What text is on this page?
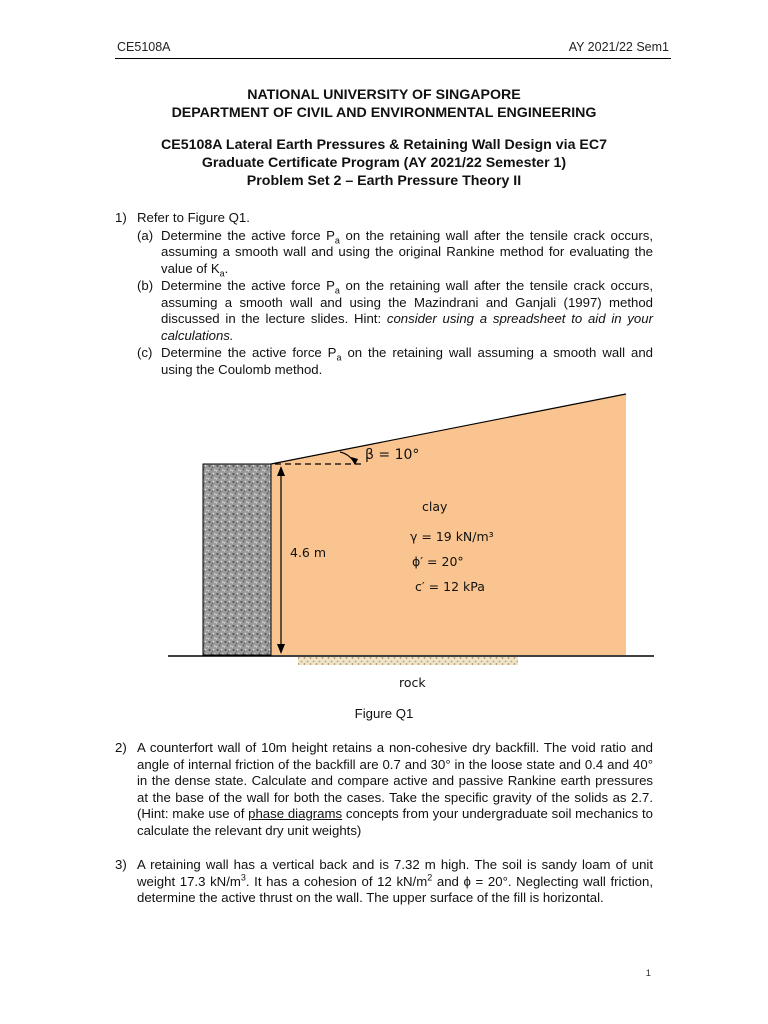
CE5108A	AY 2021/22 Sem1
NATIONAL UNIVERSITY OF SINGAPORE
DEPARTMENT OF CIVIL AND ENVIRONMENTAL ENGINEERING
CE5108A Lateral Earth Pressures & Retaining Wall Design via EC7
Graduate Certificate Program (AY 2021/22 Semester 1)
Problem Set 2 – Earth Pressure Theory II
1) Refer to Figure Q1.
(a) Determine the active force $P_a$ on the retaining wall after the tensile crack occurs, assuming a smooth wall and using the original Rankine method for evaluating the value of $K_a$.
(b) Determine the active force $P_a$ on the retaining wall after the tensile crack occurs, assuming a smooth wall and using the Mazindrani and Ganjali (1997) method discussed in the lecture slides. Hint: consider using a spreadsheet to aid in your calculations.
(c) Determine the active force $P_a$ on the retaining wall assuming a smooth wall and using the Coulomb method.
β = 10°
4.6 m
clay
γ = 19 kN/m³
ϕ′ = 20°
c′ = 12 kPa
rock
Figure Q1
2) A counterfort wall of 10m height retains a non-cohesive dry backfill. The void ratio and angle of internal friction of the backfill are 0.7 and 30° in the loose state and 0.4 and 40° in the dense state. Calculate and compare active and passive Rankine earth pressures at the base of the wall for both the cases. Take the specific gravity of the solids as 2.7. (Hint: make use of phase diagrams concepts from your undergraduate soil mechanics to calculate the relevant dry unit weights)
3) A retaining wall has a vertical back and is 7.32 m high. The soil is sandy loam of unit weight 17.3 $kN/m^3$. It has a cohesion of 12 $kN/m^2$ and ϕ = 20°. Neglecting wall friction, determine the active thrust on the wall. The upper surface of the fill is horizontal.
1
